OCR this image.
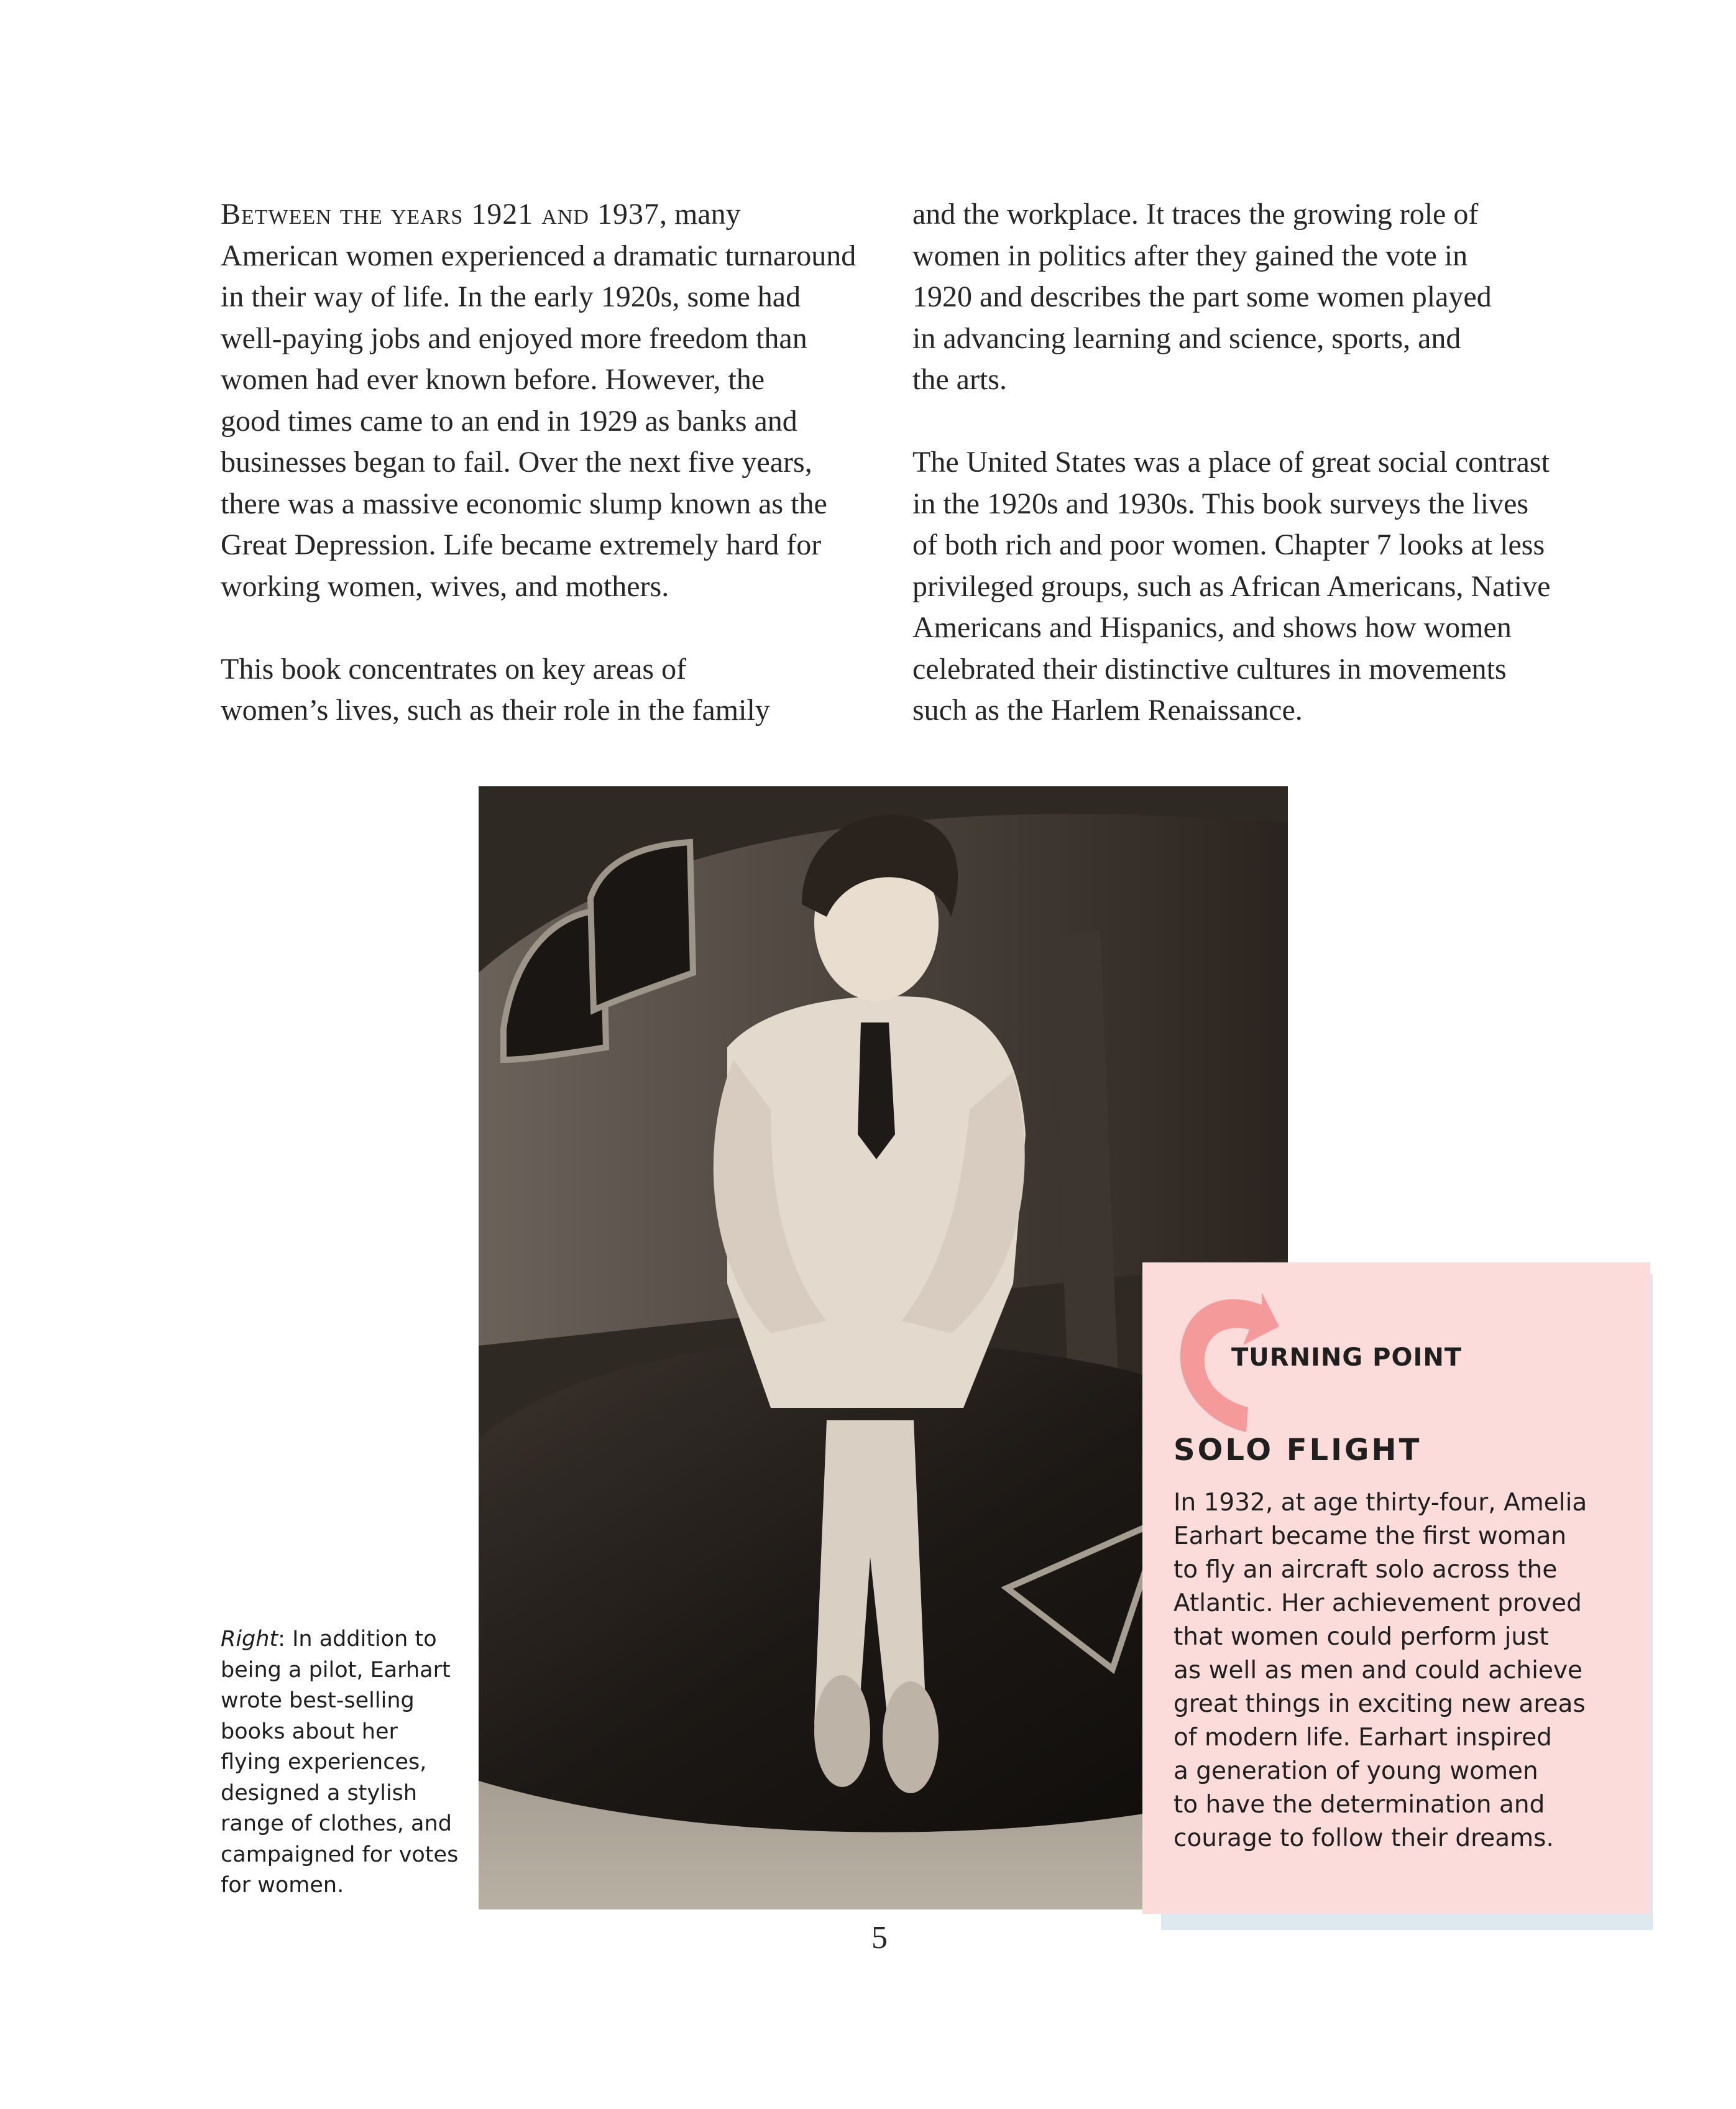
Between the years 1921 and 1937, many
American women experienced a dramatic turnaround
in their way of life. In the early 1920s, some had
well-paying jobs and enjoyed more freedom than
women had ever known before. However, the
good times came to an end in 1929 as banks and
businesses began to fail. Over the next five years,
there was a massive economic slump known as the
Great Depression. Life became extremely hard for
working women, wives, and mothers.
This book concentrates on key areas of
women’s lives, such as their role in the family
and the workplace. It traces the growing role of
women in politics after they gained the vote in
1920 and describes the part some women played
in advancing learning and science, sports, and
the arts.
The United States was a place of great social contrast
in the 1920s and 1930s. This book surveys the lives
of both rich and poor women. Chapter 7 looks at less
privileged groups, such as African Americans, Native
Americans and Hispanics, and shows how women
celebrated their distinctive cultures in movements
such as the Harlem Renaissance.
Right: In addition to
being a pilot, Earhart
wrote best-selling
books about her
flying experiences,
designed a stylish
range of clothes, and
campaigned for votes
for women.
TURNING POINT
SOLO FLIGHT
In 1932, at age thirty-four, Amelia
Earhart became the first woman
to fly an aircraft solo across the
Atlantic. Her achievement proved
that women could perform just
as well as men and could achieve
great things in exciting new areas
of modern life. Earhart inspired
a generation of young women
to have the determination and
courage to follow their dreams.
5
